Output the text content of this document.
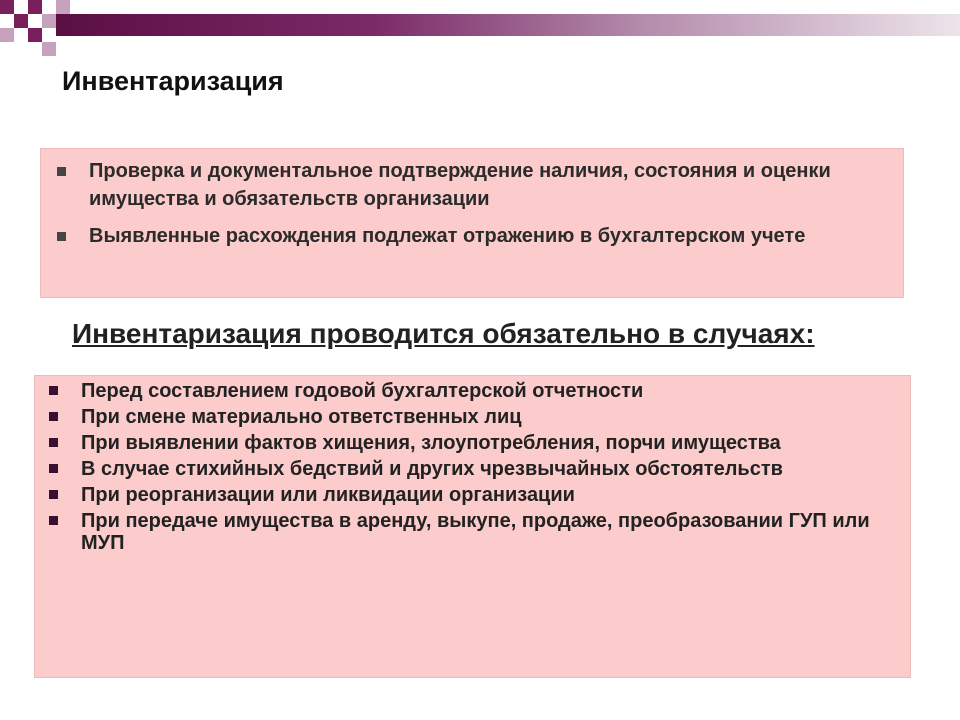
Инвентаризация
Проверка и документальное подтверждение наличия, состояния и оценки имущества и обязательств организации
Выявленные расхождения подлежат отражению в бухгалтерском учете
Инвентаризация проводится обязательно в случаях:
Перед составлением годовой бухгалтерской отчетности
При смене материально ответственных лиц
При выявлении фактов хищения, злоупотребления, порчи имущества
В случае стихийных бедствий и других чрезвычайных обстоятельств
При реорганизации или ликвидации организации
При передаче имущества в аренду, выкупе, продаже, преобразовании ГУП или МУП
